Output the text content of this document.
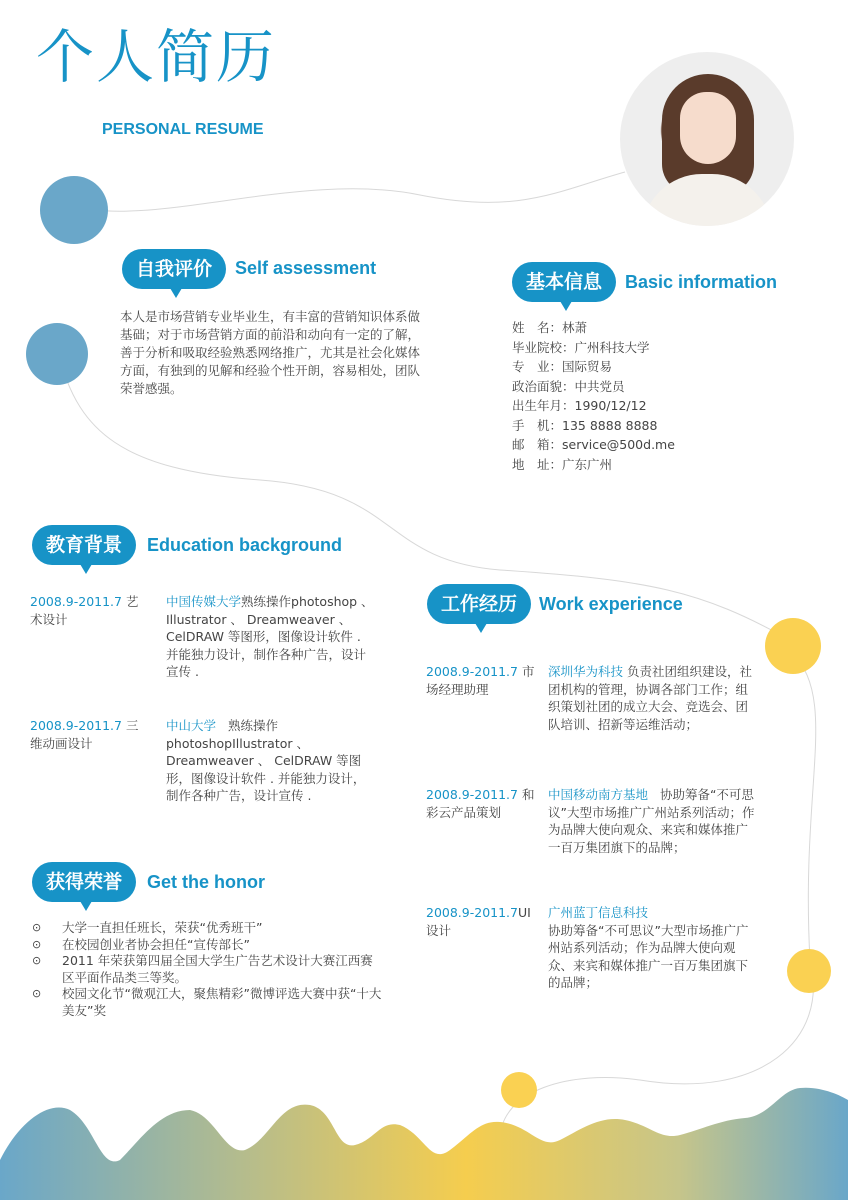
个人简历
PERSONAL RESUME
自我评价	Self assessment
本人是市场营销专业毕业生，有丰富的营销知识体系做基础；对于市场营销方面的前沿和动向有一定的了解，善于分析和吸取经验熟悉网络推广，尤其是社会化媒体方面，有独到的见解和经验个性开朗，容易相处，团队荣誉感强。
基本信息	Basic information
姓　名：林萧
毕业院校：广州科技大学
专　业：国际贸易
政治面貌：中共党员
出生年月：1990/12/12
手　机：135 8888 8888
邮　箱：service@500d.me
地　址：广东广州
教育背景	Education background
2008.9-2011.7 艺术设计
中国传媒大学熟练操作photoshop 、 Illustrator 、 Dreamweaver 、 CelDRAW 等图形，图像设计软件 . 并能独力设计，制作各种广告，设计宣传 .
2008.9-2011.7 三维动画设计
中山大学 熟练操作photoshopIllustrator 、 Dreamweaver 、 CelDRAW 等图形，图像设计软件 . 并能独力设计，制作各种广告，设计宣传 .
工作经历	Work experience
2008.9-2011.7 市场经理助理
深圳华为科技 负责社团组织建设，社团机构的管理，协调各部门工作；组织策划社团的成立大会、竞选会、团队培训、招新等运维活动；
2008.9-2011.7 和彩云产品策划
中国移动南方基地 协助筹备“不可思议”大型市场推广广州站系列活动；作为品牌大使向观众、来宾和媒体推广一百万集团旗下的品牌；
2008.9-2011.7UI 设计
广州蓝丁信息科技
协助筹备“不可思议”大型市场推广广州站系列活动；作为品牌大使向观众、来宾和媒体推广一百万集团旗下的品牌；
获得荣誉	Get the honor
⊙ 大学一直担任班长，荣获“优秀班干”
⊙ 在校园创业者协会担任“宣传部长”
⊙ 2011 年荣获第四届全国大学生广告艺术设计大赛江西赛区平面作品类三等奖。
⊙ 校园文化节“微观江大，聚焦精彩”微博评选大赛中获“十大美友”奖
